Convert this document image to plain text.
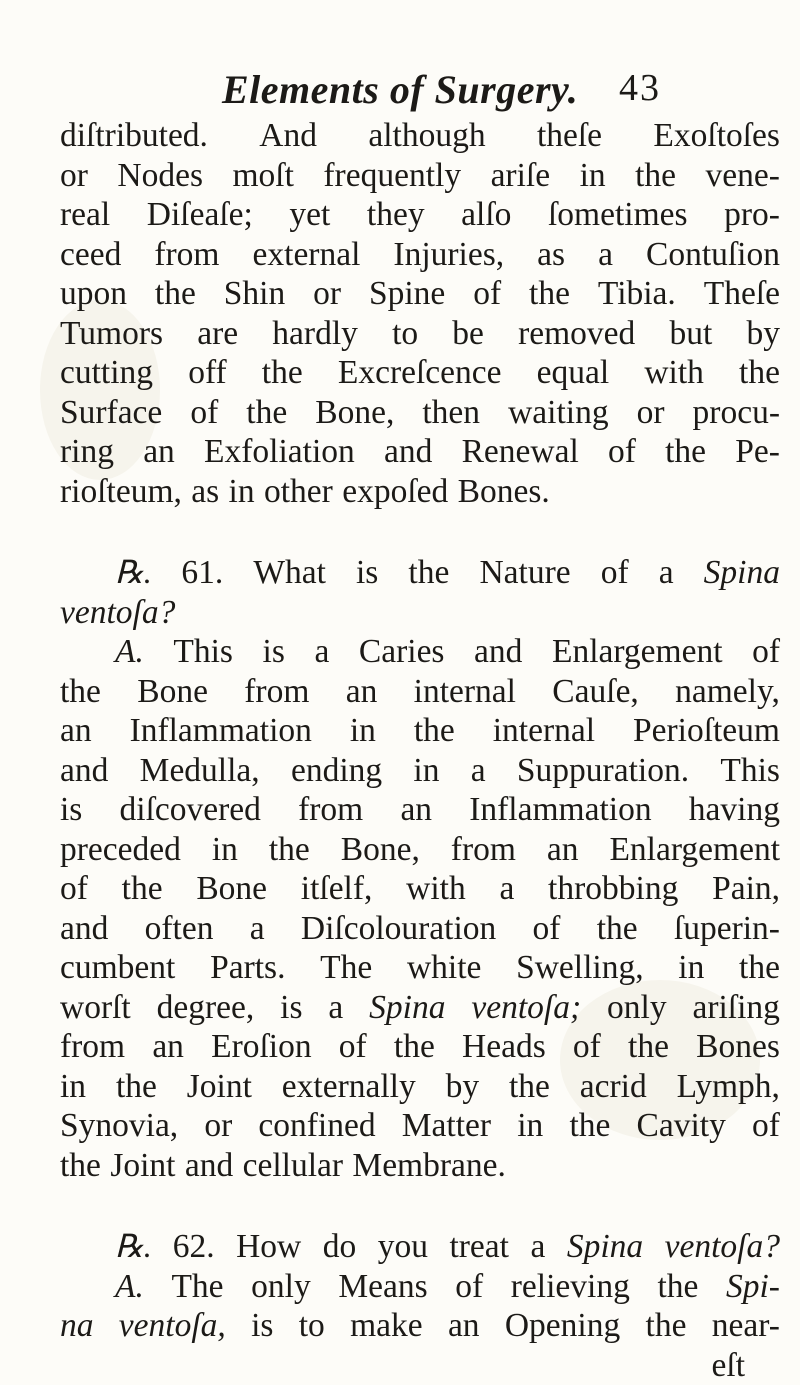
Elements of Surgery. 43
diſtributed. And although theſe Exoſtoſes
or Nodes moſt frequently ariſe in the vene-
real Diſeaſe; yet they alſo ſometimes pro-
ceed from external Injuries, as a Contuſion
upon the Shin or Spine of the Tibia. Theſe
Tumors are hardly to be removed but by
cutting off the Excreſcence equal with the
Surface of the Bone, then waiting or procu-
ring an Exfoliation and Renewal of the Pe-
rioſteum, as in other expoſed Bones.
℞. 61. What is the Nature of a Spina
ventoſa?
A. This is a Caries and Enlargement of
the Bone from an internal Cauſe, namely,
an Inflammation in the internal Perioſteum
and Medulla, ending in a Suppuration. This
is diſcovered from an Inflammation having
preceded in the Bone, from an Enlargement
of the Bone itſelf, with a throbbing Pain,
and often a Diſcolouration of the ſuperin-
cumbent Parts. The white Swelling, in the
worſt degree, is a Spina ventoſa; only ariſing
from an Eroſion of the Heads of the Bones
in the Joint externally by the acrid Lymph,
Synovia, or confined Matter in the Cavity of
the Joint and cellular Membrane.
℞. 62. How do you treat a Spina ventoſa?
A. The only Means of relieving the Spi-
na ventoſa, is to make an Opening the near-
eſt
